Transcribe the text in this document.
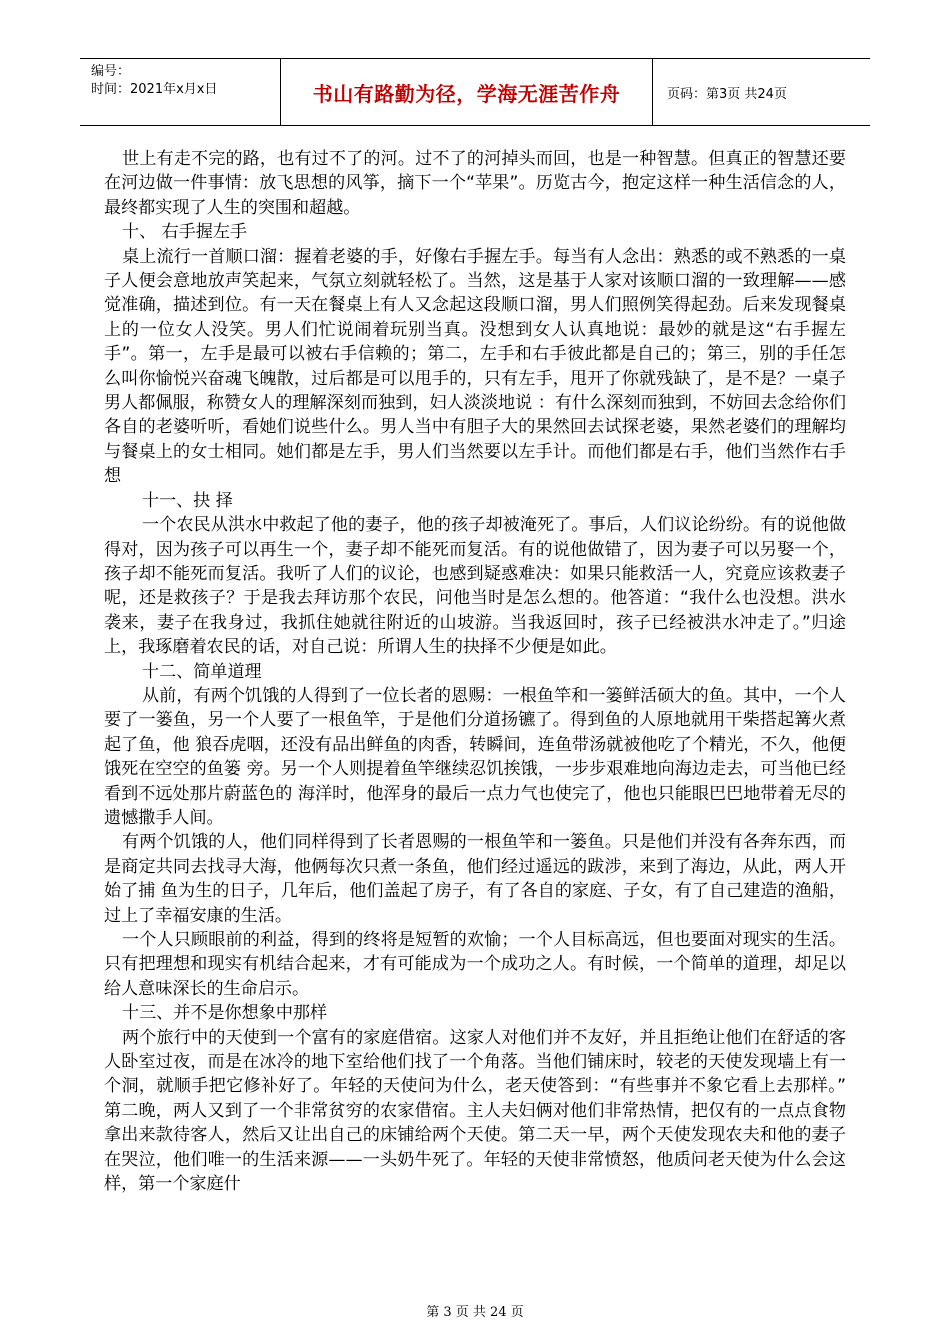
编号：
时间：2021年x月x日	书山有路勤为径，学海无涯苦作舟	页码：第3页 共24页

世上有走不完的路，也有过不了的河。过不了的河掉头而回，也是一种智慧。但真正的智慧还要在河边做一件事情：放飞思想的风筝，摘下一个“苹果”。历览古今，抱定这样一种生活信念的人，最终都实现了人生的突围和超越。

十、 右手握左手

桌上流行一首顺口溜：握着老婆的手，好像右手握左手。每当有人念出：熟悉的或不熟悉的一桌子人便会意地放声笑起来，气氛立刻就轻松了。当然，这是基于人家对该顺口溜的一致理解——感觉准确，描述到位。有一天在餐桌上有人又念起这段顺口溜，男人们照例笑得起劲。后来发现餐桌上的一位女人没笑。男人们忙说闹着玩别当真。没想到女人认真地说：最妙的就是这“右手握左手”。第一，左手是最可以被右手信赖的；第二，左手和右手彼此都是自己的；第三，别的手任怎么叫你愉悦兴奋魂飞魄散，过后都是可以甩手的，只有左手，甩开了你就残缺了，是不是？一桌子男人都佩服，称赞女人的理解深刻而独到，妇人淡淡地说 ：有什么深刻而独到，不妨回去念给你们各自的老婆听听，看她们说些什么。男人当中有胆子大的果然回去试探老婆，果然老婆们的理解均与餐桌上的女士相同。她们都是左手，男人们当然要以左手计。而他们都是右手，他们当然作右手想

十一、抉 择

一个农民从洪水中救起了他的妻子，他的孩子却被淹死了。事后，人们议论纷纷。有的说他做得对，因为孩子可以再生一个，妻子却不能死而复活。有的说他做错了，因为妻子可以另娶一个，孩子却不能死而复活。我听了人们的议论，也感到疑惑难决：如果只能救活一人，究竟应该救妻子呢，还是救孩子？于是我去拜访那个农民，问他当时是怎么想的。他答道：“我什么也没想。洪水袭来，妻子在我身过，我抓住她就往附近的山坡游。当我返回时，孩子已经被洪水冲走了。”归途上，我琢磨着农民的话，对自己说：所谓人生的抉择不少便是如此。

十二、简单道理

从前，有两个饥饿的人得到了一位长者的恩赐：一根鱼竿和一篓鲜活硕大的鱼。其中，一个人要了一篓鱼，另一个人要了一根鱼竿，于是他们分道扬镳了。得到鱼的人原地就用干柴搭起篝火煮起了鱼，他 狼吞虎咽，还没有品出鲜鱼的肉香，转瞬间，连鱼带汤就被他吃了个精光，不久，他便饿死在空空的鱼篓 旁。另一个人则提着鱼竿继续忍饥挨饿，一步步艰难地向海边走去，可当他已经看到不远处那片蔚蓝色的 海洋时，他浑身的最后一点力气也使完了，他也只能眼巴巴地带着无尽的遗憾撒手人间。

有两个饥饿的人，他们同样得到了长者恩赐的一根鱼竿和一篓鱼。只是他们并没有各奔东西，而 是商定共同去找寻大海，他俩每次只煮一条鱼，他们经过遥远的跋涉，来到了海边，从此，两人开始了捕 鱼为生的日子，几年后，他们盖起了房子，有了各自的家庭、子女，有了自己建造的渔船，过上了幸福安康的生活。

一个人只顾眼前的利益，得到的终将是短暂的欢愉；一个人目标高远，但也要面对现实的生活。只有把理想和现实有机结合起来，才有可能成为一个成功之人。有时候，一个简单的道理，却足以 给人意味深长的生命启示。

十三、并不是你想象中那样

两个旅行中的天使到一个富有的家庭借宿。这家人对他们并不友好，并且拒绝让他们在舒适的客人卧室过夜，而是在冰冷的地下室给他们找了一个角落。当他们铺床时，较老的天使发现墙上有一个洞，就顺手把它修补好了。年轻的天使问为什么，老天使答到：“有些事并不象它看上去那样。” 第二晚，两人又到了一个非常贫穷的农家借宿。主人夫妇俩对他们非常热情，把仅有的一点点食物拿出来款待客人，然后又让出自己的床铺给两个天使。第二天一早，两个天使发现农夫和他的妻子在哭泣，他们唯一的生活来源——一头奶牛死了。年轻的天使非常愤怒，他质问老天使为什么会这样，第一个家庭什

第 3 页 共 24 页
